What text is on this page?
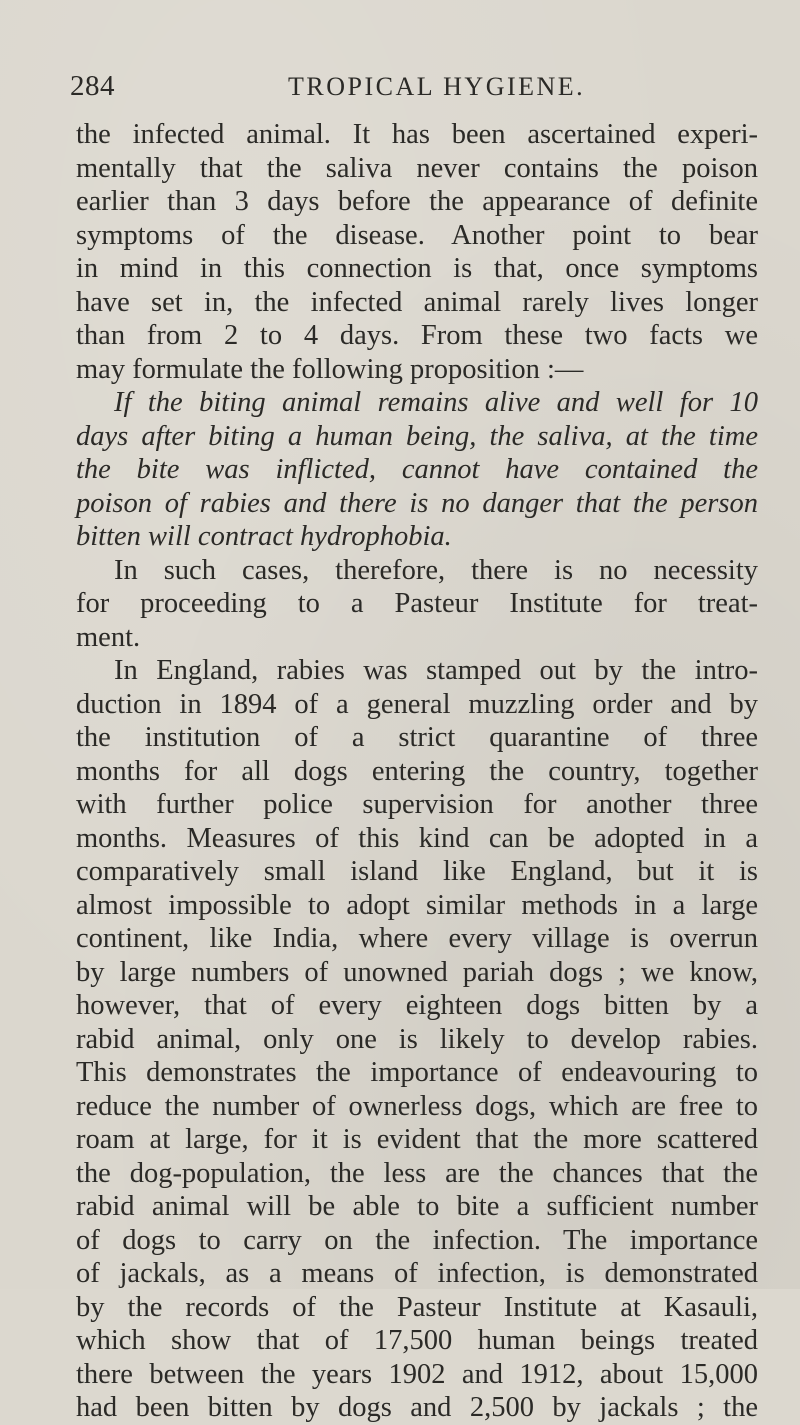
284	TROPICAL HYGIENE.
the infected animal. It has been ascertained experi-
mentally that the saliva never contains the poison
earlier than 3 days before the appearance of definite
symptoms of the disease. Another point to bear
in mind in this connection is that, once symptoms
have set in, the infected animal rarely lives longer
than from 2 to 4 days. From these two facts we
may formulate the following proposition :—
If the biting animal remains alive and well for 10
days after biting a human being, the saliva, at the time
the bite was inflicted, cannot have contained the
poison of rabies and there is no danger that the person
bitten will contract hydrophobia.
In such cases, therefore, there is no necessity
for proceeding to a Pasteur Institute for treat-
ment.
In England, rabies was stamped out by the intro-
duction in 1894 of a general muzzling order and by
the institution of a strict quarantine of three
months for all dogs entering the country, together
with further police supervision for another three
months. Measures of this kind can be adopted in a
comparatively small island like England, but it is
almost impossible to adopt similar methods in a large
continent, like India, where every village is overrun
by large numbers of unowned pariah dogs ; we know,
however, that of every eighteen dogs bitten by a
rabid animal, only one is likely to develop rabies.
This demonstrates the importance of endeavouring to
reduce the number of ownerless dogs, which are free to
roam at large, for it is evident that the more scattered
the dog-population, the less are the chances that the
rabid animal will be able to bite a sufficient number
of dogs to carry on the infection. The importance
of jackals, as a means of infection, is demonstrated
by the records of the Pasteur Institute at Kasauli,
which show that of 17,500 human beings treated
there between the years 1902 and 1912, about 15,000
had been bitten by dogs and 2,500 by jackals ; the
